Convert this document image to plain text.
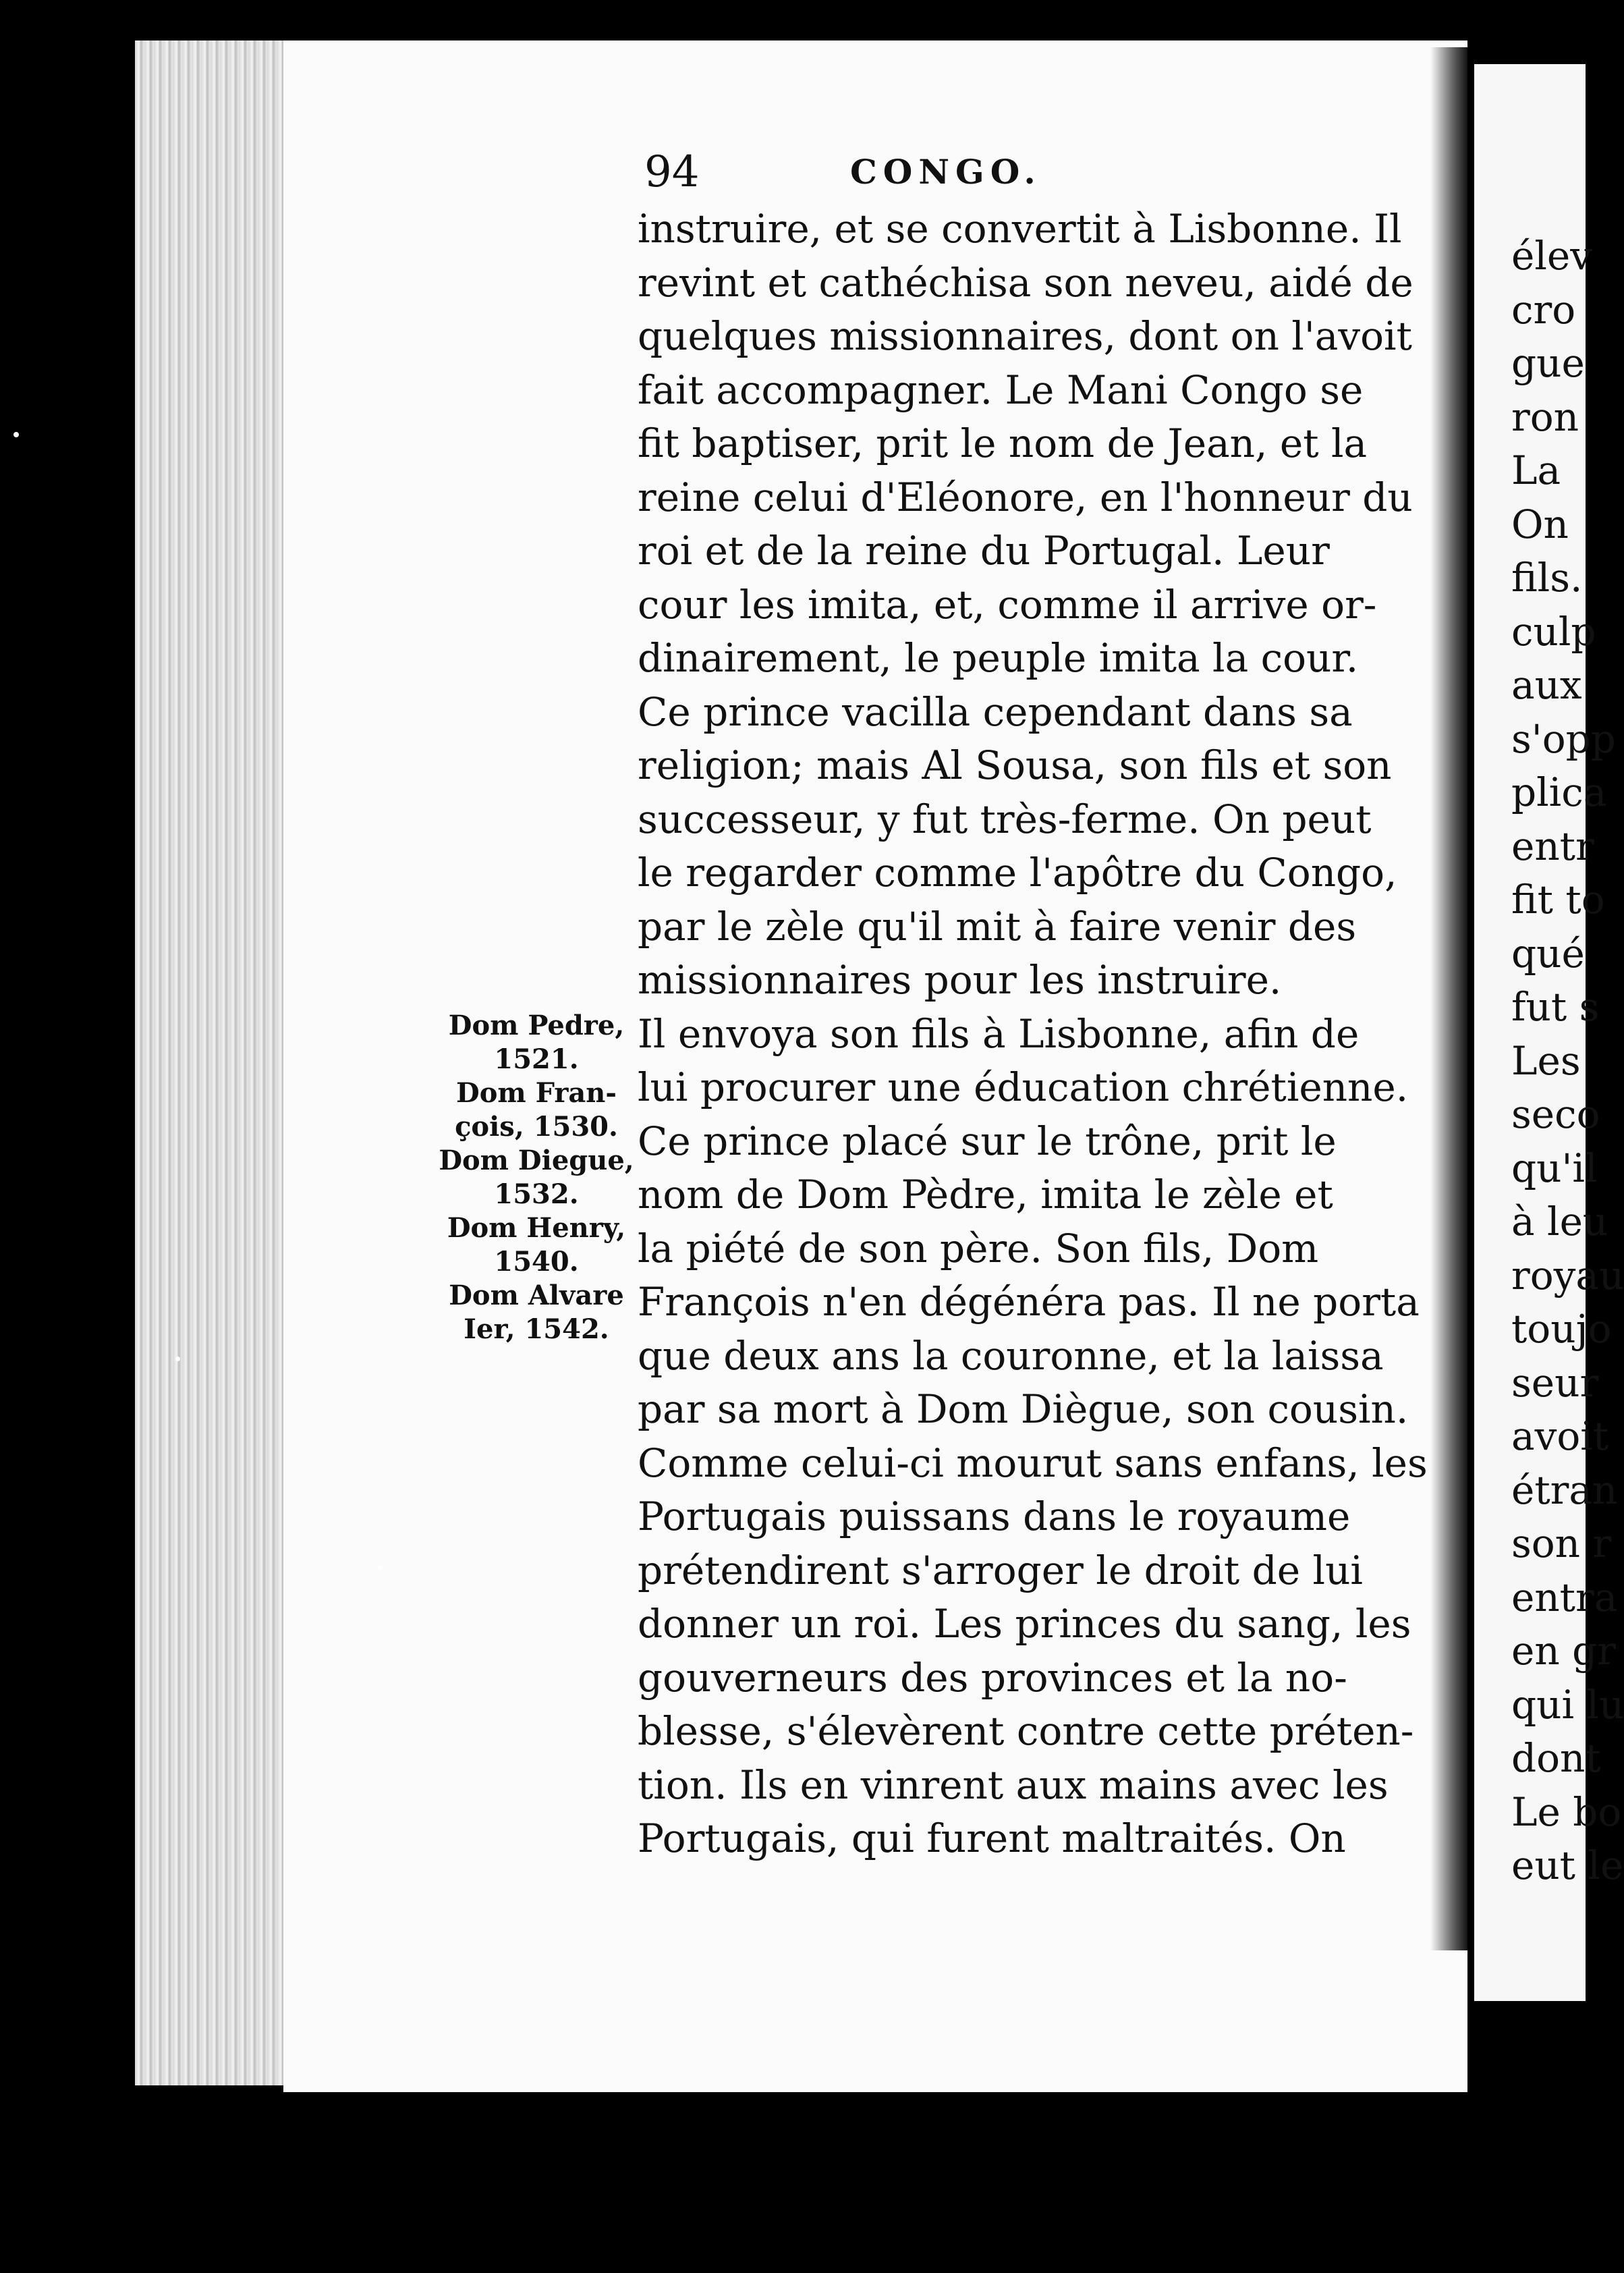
94	CONGO.
instruire, et se convertit à Lisbonne. Il
revint et cathéchisa son neveu, aidé de
quelques missionnaires, dont on l'avoit
fait accompagner. Le Mani Congo se
fit baptiser, prit le nom de Jean, et la
reine celui d'Eléonore, en l'honneur du
roi et de la reine du Portugal. Leur
cour les imita, et, comme il arrive or-
dinairement, le peuple imita la cour.
Ce prince vacilla cependant dans sa
religion; mais Al Sousa, son fils et son
successeur, y fut très-ferme. On peut
le regarder comme l'apôtre du Congo,
par le zèle qu'il mit à faire venir des
missionnaires pour les instruire.
Il envoya son fils à Lisbonne, afin de
lui procurer une éducation chrétienne.
Ce prince placé sur le trône, prit le
nom de Dom Pèdre, imita le zèle et
la piété de son père. Son fils, Dom
François n'en dégénéra pas. Il ne porta
que deux ans la couronne, et la laissa
par sa mort à Dom Diègue, son cousin.
Comme celui-ci mourut sans enfans, les
Portugais puissans dans le royaume
prétendirent s'arroger le droit de lui
donner un roi. Les princes du sang, les
gouverneurs des provinces et la no-
blesse, s'élevèrent contre cette préten-
tion. Ils en vinrent aux mains avec les
Portugais, qui furent maltraités. On
Dom Pedre,
1521.
Dom Fran-
çois, 1530.
Dom Diegue,
1532.
Dom Henry,
1540.
Dom Alvare
Ier, 1542.
élev
cro
gue
ron
La
On
fils.
culp
aux
s'opp
plica
entr
fit to
qué
fut s
Les
seco
qu'il
à leu
royau
toujo
seur
avoit
étran
son r
entra
en gr
qui lu
dont
Le bo
eut le
